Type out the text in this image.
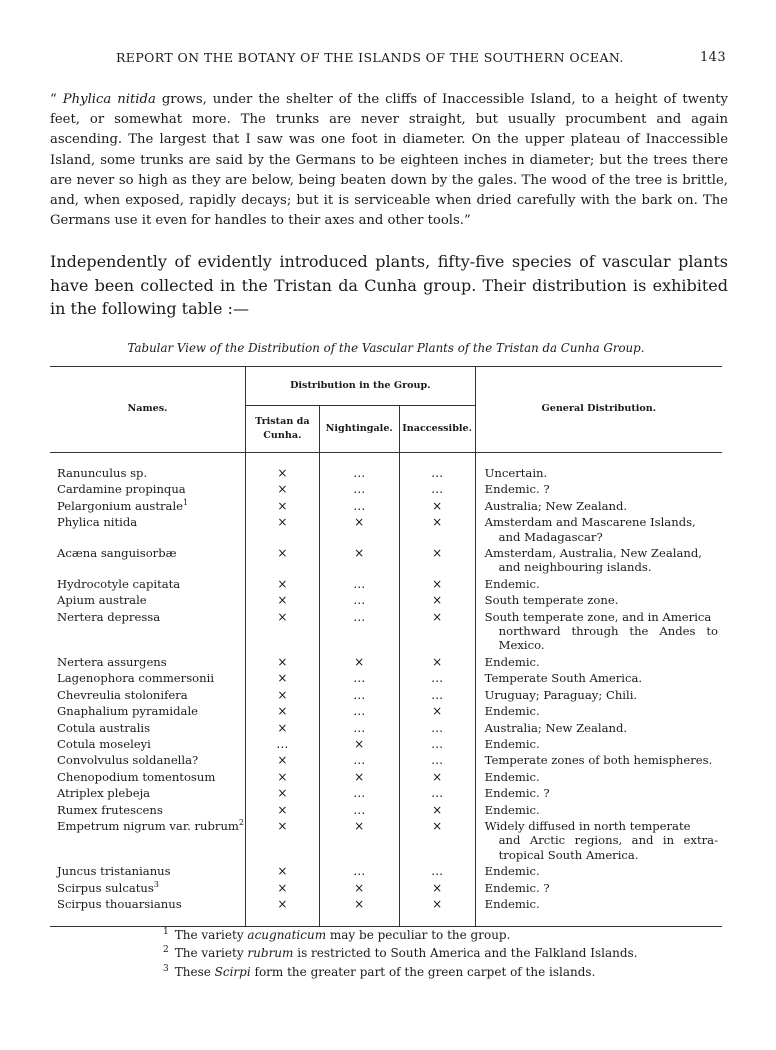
REPORT ON THE BOTANY OF THE ISLANDS OF THE SOUTHERN OCEAN.	143

“ Phylica nitida grows, under the shelter of the cliffs of Inaccessible Island, to a height of twenty feet, or somewhat more. The trunks are never straight, but usually procumbent and again ascending. The largest that I saw was one foot in diameter. On the upper plateau of Inaccessible Island, some trunks are said by the Germans to be eighteen inches in diameter; but the trees there are never so high as they are below, being beaten down by the gales. The wood of the tree is brittle, and, when exposed, rapidly decays; but it is serviceable when dried carefully with the bark on. The Germans use it even for handles to their axes and other tools.”

Independently of evidently introduced plants, fifty-five species of vascular plants have been collected in the Tristan da Cunha group. Their distribution is exhibited in the following table :—

Tabular View of the Distribution of the Vascular Plants of the Tristan da Cunha Group.
Names.	Distribution in the Group.			General Distribution.
	Tristan da Cunha.	Nightingale.	Inaccessible.	

Ranunculus sp.	×	…	…	Uncertain.
Cardamine propinqua	×	…	…	Endemic. ?
Pelargonium australe$^1$	×	…	×	Australia; New Zealand.
Phylica nitida	×	×	×	Amsterdam and Mascarene Islands,
and Madagascar?

Acæna sanguisorbæ	×	×	×	Amsterdam, Australia, New Zealand,
and neighbouring islands.

Hydrocotyle capitata	×	…	×	Endemic.
Apium australe	×	…	×	South temperate zone.
Nertera depressa	×	…	×	South temperate zone, and in America
northward through the Andes to Mexico.

Nertera assurgens	×	×	×	Endemic.
Lagenophora commersonii	×	…	…	Temperate South America.
Chevreulia stolonifera	×	…	…	Uruguay; Paraguay; Chili.
Gnaphalium pyramidale	×	…	×	Endemic.
Cotula australis	×	…	…	Australia; New Zealand.
Cotula moseleyi	…	×	…	Endemic.
Convolvulus soldanella?	×	…	…	Temperate zones of both hemispheres.
Chenopodium tomentosum	×	×	×	Endemic.
Atriplex plebeja	×	…	…	Endemic. ?
Rumex frutescens	×	…	×	Endemic.
Empetrum nigrum var. rubrum$^2$	×	×	×	Widely diffused in north temperate
and Arctic regions, and in extra-tropical South America.

Juncus tristanianus	×	…	…	Endemic.
Scirpus sulcatus$^3$	×	×	×	Endemic. ?
Scirpus thouarsianus	×	×	×	Endemic.

$^1$ The variety acugnaticum may be peculiar to the group.
$^2$ The variety rubrum is restricted to South America and the Falkland Islands.
$^3$ These Scirpi form the greater part of the green carpet of the islands.
